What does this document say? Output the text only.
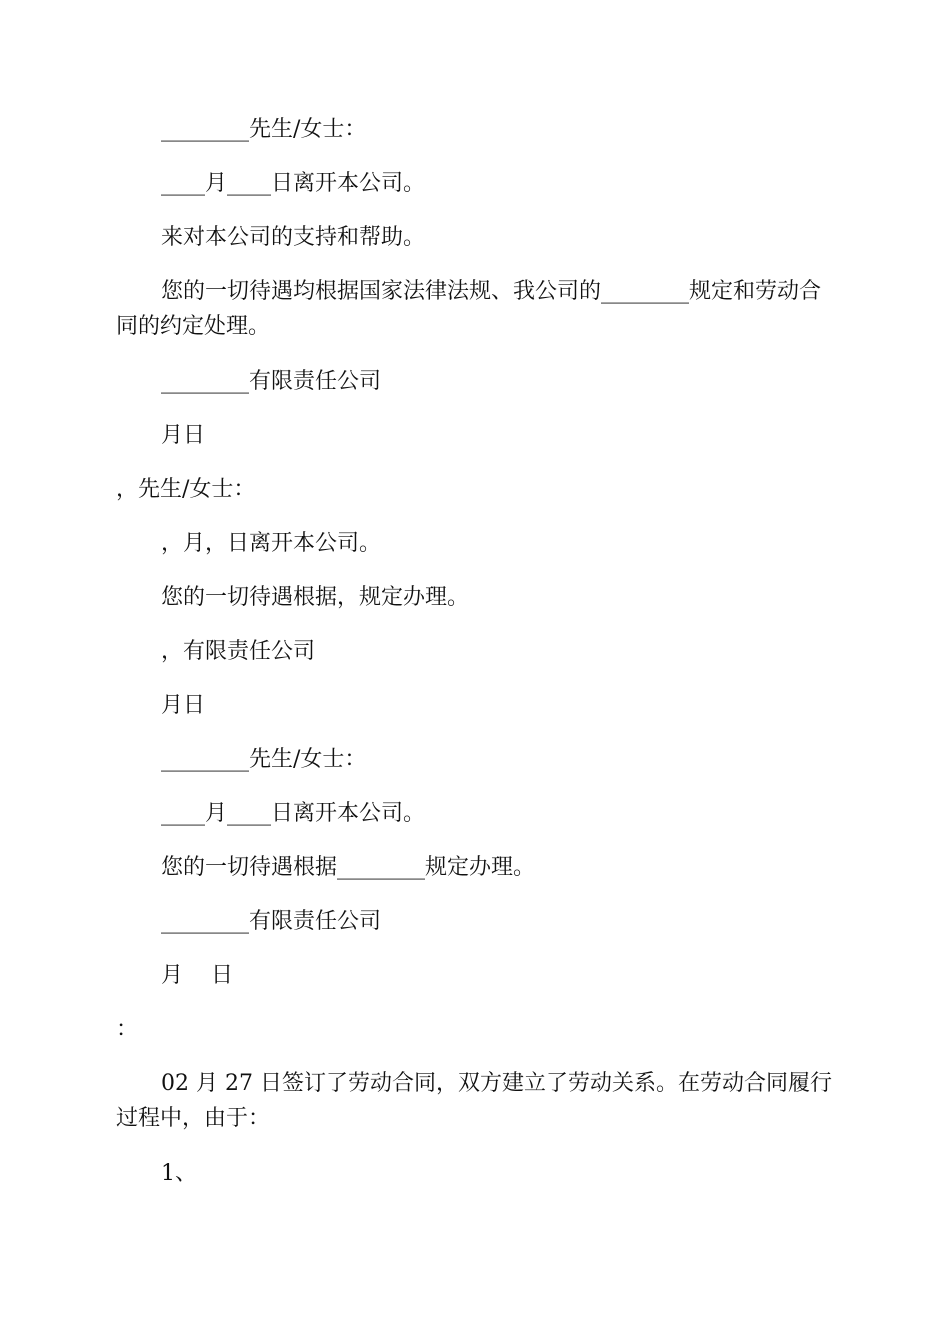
________先生/女士：

____月____日离开本公司。

来对本公司的支持和帮助。

您的一切待遇均根据国家法律法规、我公司的________规定和劳动合同的约定处理。

________有限责任公司

月日

，先生/女士：

，月，日离开本公司。

您的一切待遇根据，规定办理。

，有限责任公司

月日

________先生/女士：

____月____日离开本公司。

您的一切待遇根据________规定办理。

________有限责任公司

月    日

：

02 月 27 日签订了劳动合同，双方建立了劳动关系。在劳动合同履行过程中，由于：

1、
